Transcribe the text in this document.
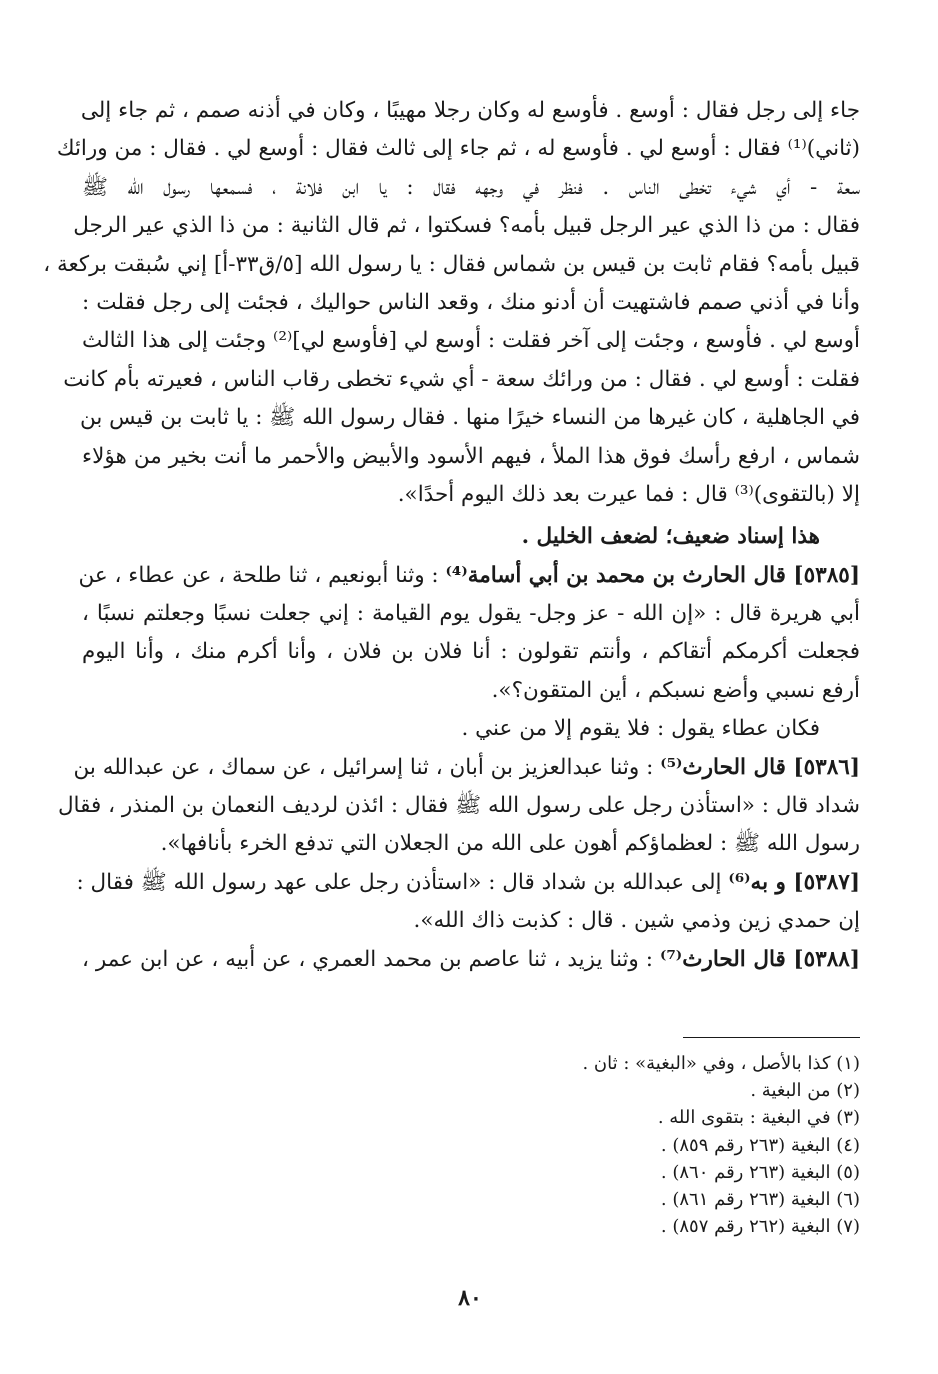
جاء إلى رجل فقال : أوسع . فأوسع له وكان رجلا مهيبًا ، وكان في أذنه صمم ، ثم جاء إلى
(ثاني)⁽¹⁾ فقال : أوسع لي . فأوسع له ، ثم جاء إلى ثالث فقال : أوسع لي . فقال : من ورائك
سعة - أي شيء تخطى الناس . فنظر في وجهه فقال : يا ابن فلانة ، فسمعها رسول الله ﷺ
فقال : من ذا الذي عير الرجل قبيل بأمه؟ فسكتوا ، ثم قال الثانية : من ذا الذي عير الرجل
قبيل بأمه؟ فقام ثابت بن قيس بن شماس فقال : يا رسول الله [٥/ق٣٣-أ] إني سُبقت بركعة ،
وأنا في أذني صمم فاشتهيت أن أدنو منك ، وقعد الناس حواليك ، فجئت إلى رجل فقلت :
أوسع لي . فأوسع ، وجئت إلى آخر فقلت : أوسع لي [فأوسع لي]⁽²⁾ وجئت إلى هذا الثالث
فقلت : أوسع لي . فقال : من ورائك سعة - أي شيء تخطى رقاب الناس ، فعيرته بأم كانت
في الجاهلية ، كان غيرها من النساء خيرًا منها . فقال رسول الله ﷺ : يا ثابت بن قيس بن
شماس ، ارفع رأسك فوق هذا الملأ ، فيهم الأسود والأبيض والأحمر ما أنت بخير من هؤلاء
إلا (بالتقوى)⁽³⁾ قال : فما عيرت بعد ذلك اليوم أحدًا».
هذا إسناد ضعيف؛ لضعف الخليل .
[٥٣٨٥] قال الحارث بن محمد بن أبي أسامة⁽⁴⁾ : وثنا أبونعيم ، ثنا طلحة ، عن عطاء ، عن
أبي هريرة قال : «إن الله - عز وجل- يقول يوم القيامة : إني جعلت نسبًا وجعلتم نسبًا ،
فجعلت أكرمكم أتقاكم ، وأنتم تقولون : أنا فلان بن فلان ، وأنا أكرم منك ، وأنا اليوم
أرفع نسبي وأضع نسبكم ، أين المتقون؟».
فكان عطاء يقول : فلا يقوم إلا من عني .
[٥٣٨٦] قال الحارث⁽⁵⁾ : وثنا عبدالعزيز بن أبان ، ثنا إسرائيل ، عن سماك ، عن عبدالله بن
شداد قال : «استأذن رجل على رسول الله ﷺ فقال : ائذن لرديف النعمان بن المنذر ، فقال
رسول الله ﷺ : لعظماؤكم أهون على الله من الجعلان التي تدفع الخرء بأنافها».
[٥٣٨٧] و به⁽⁶⁾ إلى عبدالله بن شداد قال : «استأذن رجل على عهد رسول الله ﷺ فقال :
إن حمدي زين وذمي شين . قال : كذبت ذاك الله».
[٥٣٨٨] قال الحارث⁽⁷⁾ : وثنا يزيد ، ثنا عاصم بن محمد العمري ، عن أبيه ، عن ابن عمر ،
(١) كذا بالأصل ، وفي «البغية» : ثان .
(٢) من البغية .
(٣) في البغية : بتقوى الله .
(٤) البغية (٢٦٣ رقم ٨٥٩) .
(٥) البغية (٢٦٣ رقم ٨٦٠) .
(٦) البغية (٢٦٣ رقم ٨٦١) .
(٧) البغية (٢٦٢ رقم ٨٥٧) .
٨٠
